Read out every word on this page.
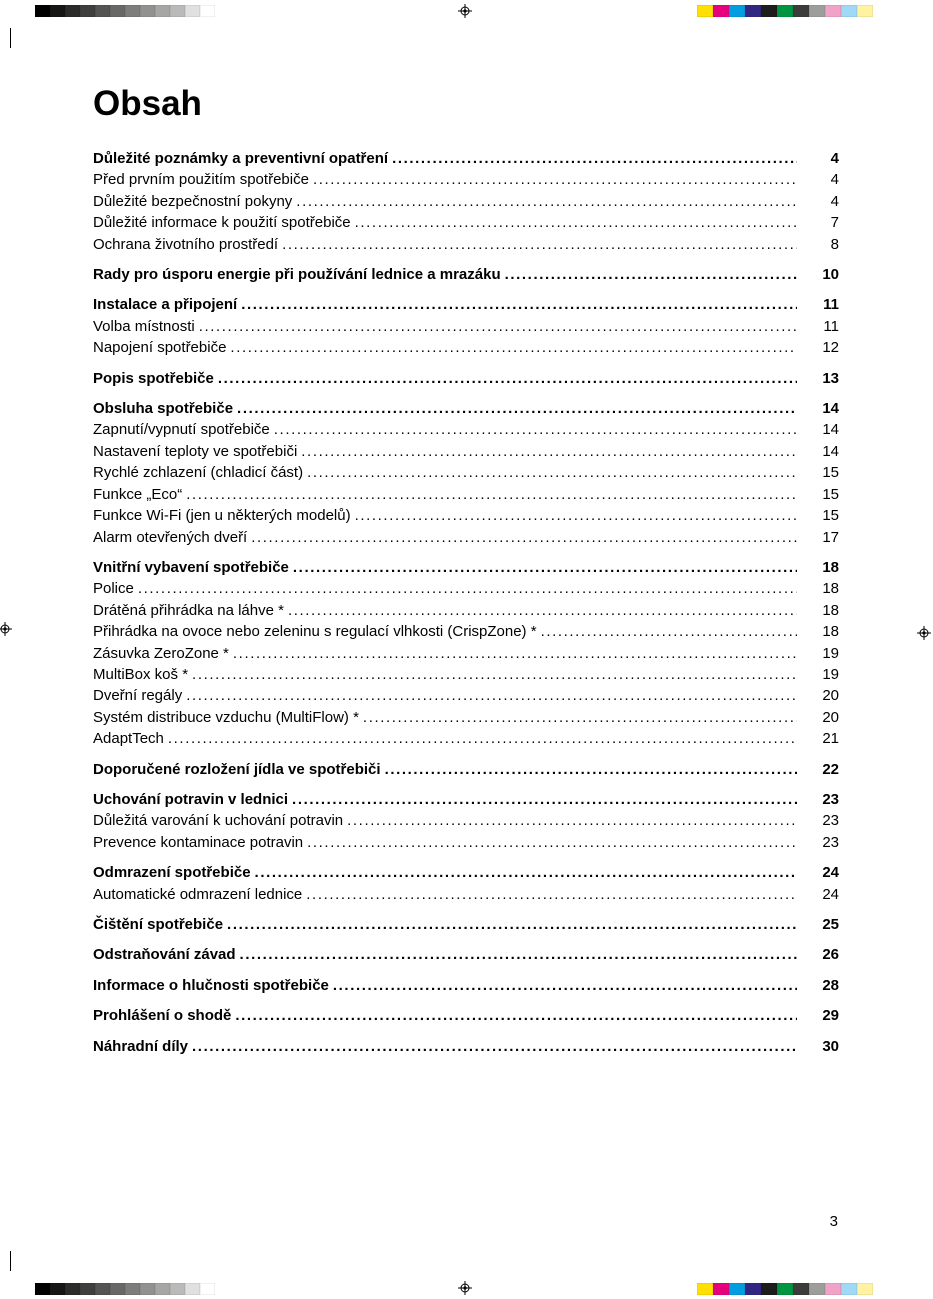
Obsah
Důležité poznámky a preventivní opatření .....	4
Před prvním použitím spotřebiče .....	4
Důležité bezpečnostní pokyny .....	4
Důležité informace k použití spotřebiče .....	7
Ochrana životního prostředí .....	8
Rady pro úsporu energie při používání lednice a mrazáku .....	10
Instalace a připojení .....	11
Volba místnosti .....	11
Napojení spotřebiče .....	12
Popis spotřebiče .....	13
Obsluha spotřebiče .....	14
Zapnutí/vypnutí spotřebiče .....	14
Nastavení teploty ve spotřebiči .....	14
Rychlé zchlazení (chladicí část) .....	15
Funkce „Eco“ .....	15
Funkce Wi-Fi (jen u některých modelů) .....	15
Alarm otevřených dveří .....	17
Vnitřní vybavení spotřebiče .....	18
Police .....	18
Drátěná přihrádka na láhve * .....	18
Přihrádka na ovoce nebo zeleninu s regulací vlhkosti (CrispZone) * .....	18
Zásuvka ZeroZone * .....	19
MultiBox koš * .....	19
Dveřní regály .....	20
Systém distribuce vzduchu (MultiFlow) * .....	20
AdaptTech .....	21
Doporučené rozložení jídla ve spotřebiči .....	22
Uchování potravin v lednici .....	23
Důležitá varování k uchování potravin .....	23
Prevence kontaminace potravin .....	23
Odmrazení spotřebiče .....	24
Automatické odmrazení lednice .....	24
Čištění spotřebiče .....	25
Odstraňování závad .....	26
Informace o hlučnosti spotřebiče .....	28
Prohlášení o shodě .....	29
Náhradní díly .....	30
3
